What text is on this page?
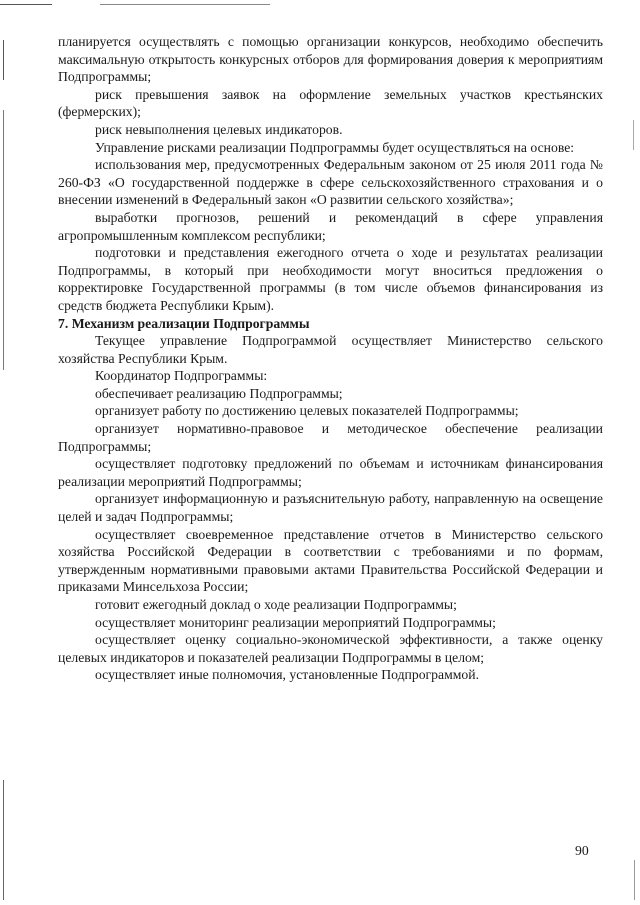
планируется осуществлять с помощью организации конкурсов, необходимо обеспечить максимальную открытость конкурсных отборов для формирования доверия к мероприятиям Подпрограммы;

риск превышения заявок на оформление земельных участков крестьянских (фермерских);

риск невыполнения целевых индикаторов.

Управление рисками реализации Подпрограммы будет осуществляться на основе:

использования мер, предусмотренных Федеральным законом от 25 июля 2011 года № 260-ФЗ «О государственной поддержке в сфере сельскохозяйственного страхования и о внесении изменений в Федеральный закон «О развитии сельского хозяйства»;

выработки прогнозов, решений и рекомендаций в сфере управления агропромышленным комплексом республики;

подготовки и представления ежегодного отчета о ходе и результатах реализации Подпрограммы, в который при необходимости могут вноситься предложения о корректировке Государственной программы (в том числе объемов финансирования из средств бюджета Республики Крым).

7. Механизм реализации Подпрограммы

Текущее управление Подпрограммой осуществляет Министерство сельского хозяйства Республики Крым.

Координатор Подпрограммы:

обеспечивает реализацию Подпрограммы;

организует работу по достижению целевых показателей Подпрограммы;

организует нормативно-правовое и методическое обеспечение реализации Подпрограммы;

осуществляет подготовку предложений по объемам и источникам финансирования реализации мероприятий Подпрограммы;

организует информационную и разъяснительную работу, направленную на освещение целей и задач Подпрограммы;

осуществляет своевременное представление отчетов в Министерство сельского хозяйства Российской Федерации в соответствии с требованиями и по формам, утвержденным нормативными правовыми актами Правительства Российской Федерации и приказами Минсельхоза России;

готовит ежегодный доклад о ходе реализации Подпрограммы;

осуществляет мониторинг реализации мероприятий Подпрограммы;

осуществляет оценку социально-экономической эффективности, а также оценку целевых индикаторов и показателей реализации Подпрограммы в целом;

осуществляет иные полномочия, установленные Подпрограммой.

90
